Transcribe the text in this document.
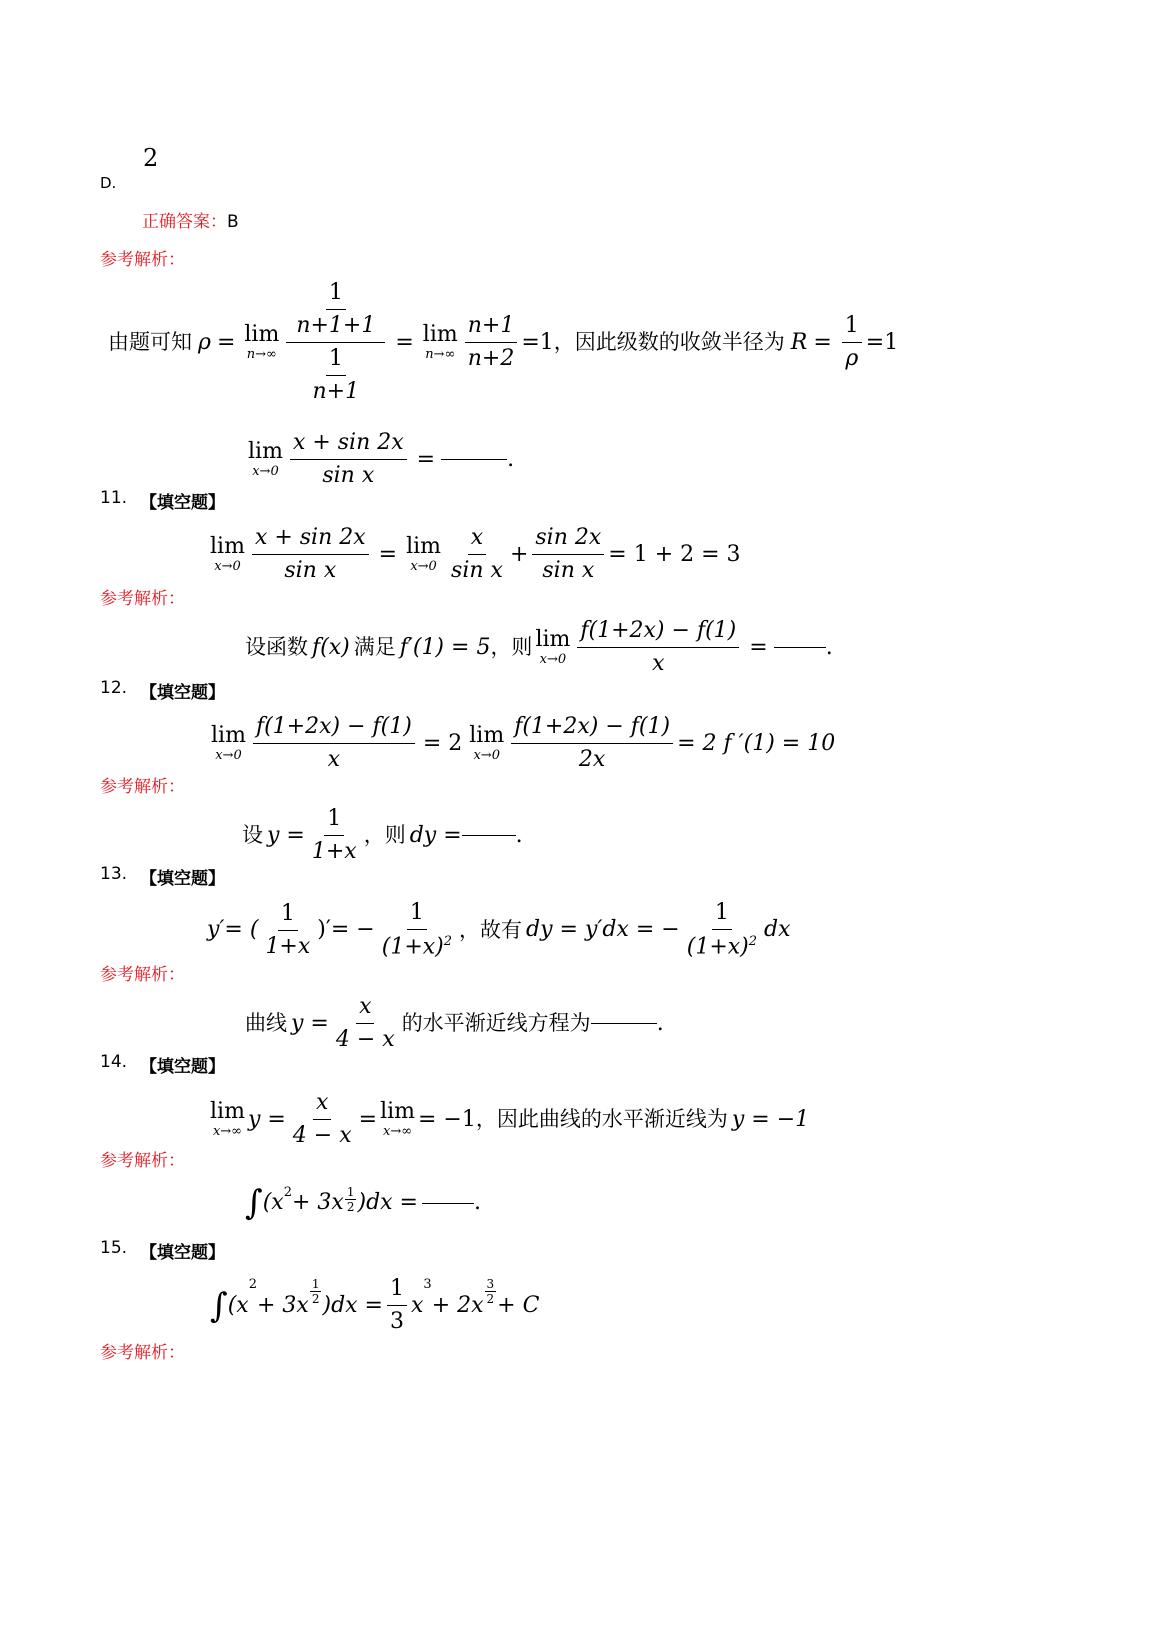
2
D.
正确答案：B
参考解析：
由题可知 ρ = lim
$n\to\infty \frac{\frac{1}{n+1+1}}{\frac{1}{n+1}} = \lim$
$n\to\infty \frac{n+1}{n+2} =1$ ，因此级数的收敛半径为 $R = \frac{1}{\rho} =1$
lim
$x\to 0 \frac{x + \sin 2x}{\text{sin x}}$ =	.
11. 【填空题】
lim
$x\to 0 \frac{x + \sin 2x}{\text{sin x}} = \lim$
$x\to 0 \frac{x}{\text{sin x}} + \frac{\sin 2x}{\text{sin x}} = 1 + 2 = 3$
参考解析：
设函数 f(x) 满足 f′(1) = 5 ，则 lim
$x\to 0 \frac{f(1+2x) - f(1)}{x}$ =	.
12. 【填空题】
lim
$x\to 0 \frac{f(1+2x) - f(1)}{x} = 2$ lim
$x\to 0 \frac{f(1+2x) - f(1)}{2x} = 2$ f ′(1) = 10
参考解析：
设 $y = \frac{1}{1+x}$ ，则 dy = .
13. 【填空题】
y′= ( $\frac{1}{1+x}$ )′= − $\frac{1}{(1+x)^2}$ ，故有 dy = y′dx = − $\frac{1}{(1+x)^2}$ dx
参考解析：
曲线 $y = \frac{x}{4 - x}$ 的水平渐近线方程为	.
14. 【填空题】
lim
x→∞ $y = \frac{x}{4 - x} = \lim$
x→∞ = −1 ，因此曲线的水平渐近线为 y = −1
参考解析：
∫ $(x^2 + 3x \frac{1}{2} )dx$ =	.
15. 【填空题】
∫ (x
2
+ $3x \frac{1}{2} )dx = \frac{1}{3}$ x
3
+ $2x \frac{3}{2} + C$
参考解析：
